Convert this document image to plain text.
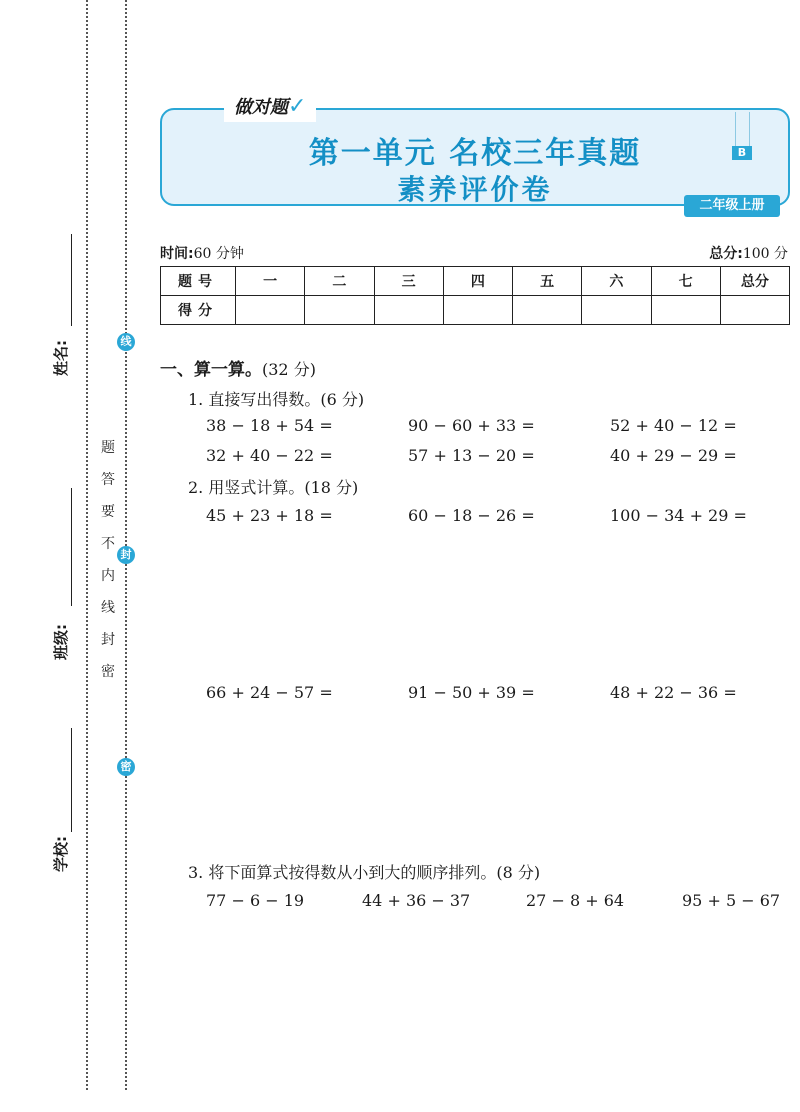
姓名:
班级:
学校:
线
封
密
题
答
要
不
内
线
封
密
做对题✓
第一单元 名校三年真题
素养评价卷
B
二年级上册
时间:60 分钟	总分:100 分
题号	一	二	三	四	五	六	七	总分
得分								
一、算一算。(32 分)
1. 直接写出得数。(6 分)
38 − 18 + 54 =	90 − 60 + 33 =	52 + 40 − 12 =
32 + 40 − 22 =	57 + 13 − 20 =	40 + 29 − 29 =
2. 用竖式计算。(18 分)
45 + 23 + 18 =	60 − 18 − 26 =	100 − 34 + 29 =
66 + 24 − 57 =	91 − 50 + 39 =	48 + 22 − 36 =
3. 将下面算式按得数从小到大的顺序排列。(8 分)
77 − 6 − 19	44 + 36 − 37	27 − 8 + 64	95 + 5 − 67
